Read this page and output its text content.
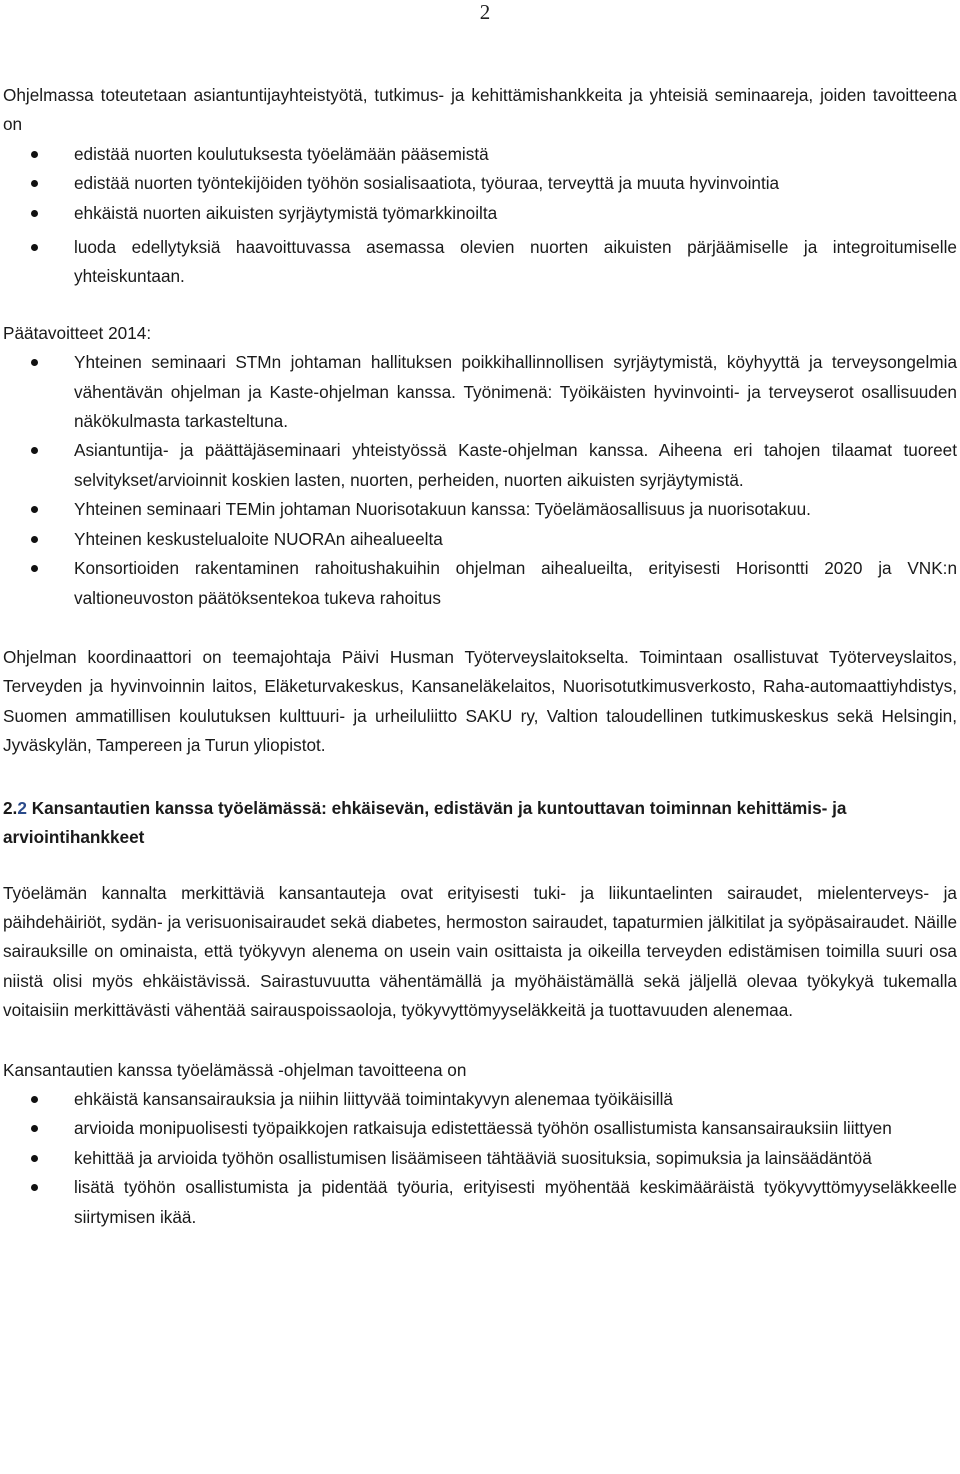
2

Ohjelmassa toteutetaan asiantuntijayhteistyötä, tutkimus- ja kehittämishankkeita ja yhteisiä seminaareja, joiden tavoitteena on

edistää nuorten koulutuksesta työelämään pääsemistä
edistää nuorten työntekijöiden työhön sosialisaatiota, työuraa, terveyttä ja muuta hyvinvointia
ehkäistä nuorten aikuisten syrjäytymistä työmarkkinoilta
luoda edellytyksiä haavoittuvassa asemassa olevien nuorten aikuisten pärjäämiselle ja integroitumiselle yhteiskuntaan.

Päätavoitteet 2014:

Yhteinen seminaari STMn johtaman hallituksen poikkihallinnollisen syrjäytymistä, köyhyyttä ja terveysongelmia vähentävän ohjelman ja Kaste-ohjelman kanssa. Työnimenä: Työikäisten hyvinvointi- ja terveyserot osallisuuden näkökulmasta tarkasteltuna.
Asiantuntija- ja päättäjäseminaari yhteistyössä Kaste-ohjelman kanssa. Aiheena eri tahojen tilaamat tuoreet selvitykset/arvioinnit koskien lasten, nuorten, perheiden, nuorten aikuisten syrjäytymistä.
Yhteinen seminaari TEMin johtaman Nuorisotakuun kanssa: Työelämäosallisuus ja nuorisotakuu.
Yhteinen keskustelualoite NUORAn aihealueelta
Konsortioiden rakentaminen rahoitushakuihin ohjelman aihealueilta, erityisesti Horisontti 2020 ja VNK:n valtioneuvoston päätöksentekoa tukeva rahoitus

Ohjelman koordinaattori on teemajohtaja Päivi Husman Työterveyslaitokselta. Toimintaan osallistuvat Työterveyslaitos, Terveyden ja hyvinvoinnin laitos, Eläketurvakeskus, Kansaneläkelaitos, Nuorisotutkimusverkosto, Raha-automaattiyhdistys, Suomen ammatillisen koulutuksen kulttuuri- ja urheiluliitto SAKU ry, Valtion taloudellinen tutkimuskeskus sekä Helsingin, Jyväskylän, Tampereen ja Turun yliopistot.

2.2 Kansantautien kanssa työelämässä: ehkäisevän, edistävän ja kuntouttavan toiminnan kehittämis- ja arviointihankkeet

Työelämän kannalta merkittäviä kansantauteja ovat erityisesti tuki- ja liikuntaelinten sairaudet, mielenterveys- ja päihdehäiriöt, sydän- ja verisuonisairaudet sekä diabetes, hermoston sairaudet, tapaturmien jälkitilat ja syöpäsairaudet. Näille sairauksille on ominaista, että työkyvyn alenema on usein vain osittaista ja oikeilla terveyden edistämisen toimilla suuri osa niistä olisi myös ehkäistävissä. Sairastuvuutta vähentämällä ja myöhäistämällä sekä jäljellä olevaa työkykyä tukemalla voitaisiin merkittävästi vähentää sairauspoissaoloja, työkyvyttömyyseläkkeitä ja tuottavuuden alenemaa.

Kansantautien kanssa työelämässä -ohjelman tavoitteena on

ehkäistä kansansairauksia ja niihin liittyvää toimintakyvyn alenemaa työikäisillä
arvioida monipuolisesti työpaikkojen ratkaisuja edistettäessä työhön osallistumista kansansairauksiin liittyen
kehittää ja arvioida työhön osallistumisen lisäämiseen tähtääviä suosituksia, sopimuksia ja lainsäädäntöä
lisätä työhön osallistumista ja pidentää työuria, erityisesti myöhentää keskimääräistä työkyvyttömyyseläkkeelle siirtymisen ikää.
